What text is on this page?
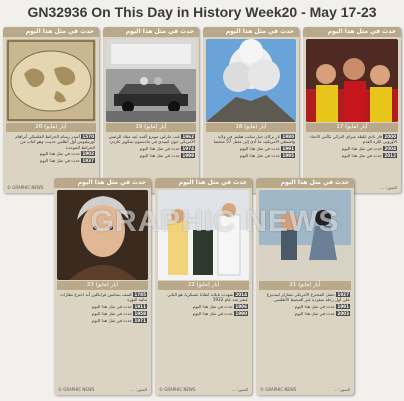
GN32936 On This Day in History Week20 - May 17-23
حدث في مثل هذا اليوم
20 أيار (مايو)

1570 أصدر رسام الخرائط الفلمنكي أبراهام أورتيليوس أول أطلس حديث، وهو كتاب من الخرائط الموحدة

1902 حدث في مثل هذا اليوم

1937 حدث في مثل هذا اليوم

© GRAPHIC NEWS
حدث في مثل هذا اليوم
19 أيار (مايو)

1962 غنت مارلين مونرو أغنية عيد ميلاد للرئيس الأمريكي جون كينيدي في ماديسون سكوير غاردن

1974 حدث في مثل هذا اليوم

1999 حدث في مثل هذا اليوم

حدث في مثل هذا اليوم
18 أيار (مايو)

1980 ثار بركان جبل سانت هيلينز في ولاية واشنطن الأمريكية، ما أدى إلى مقتل 57 شخصا

1991 حدث في مثل هذا اليوم

1995 حدث في مثل هذا اليوم

حدث في مثل هذا اليوم
17 أيار (مايو)

2000 فاز نادي غلطة سراي التركي بكأس الاتحاد الأوروبي لكرة القدم

2004 حدث في مثل هذا اليوم

2012 حدث في مثل هذا اليوم

الصور: ...
حدث في مثل هذا اليوم
23 أيار (مايو)

1785 كشف بنجامين فرانكلين أنه اخترع نظارات ثنائية البؤرة

1911 حدث في مثل هذا اليوم

1958 حدث في مثل هذا اليوم

1971 حدث في مثل هذا اليوم

© GRAPHIC NEWS	الصور: ...
حدث في مثل هذا اليوم
22 أيار (مايو)

2014 شهدت تايلاند انقلابا عسكريا، هو الثاني عشر منذ عام 1932

1906 حدث في مثل هذا اليوم

1990 حدث في مثل هذا اليوم

© GRAPHIC NEWS	الصور: ...
حدث في مثل هذا اليوم
21 أيار (مايو)

1927 حصل المخترع الأمريكي تشارلز ليندبيرغ على أول رحلة منفردة عبر المحيط الأطلسي

1991 حدث في مثل هذا اليوم

2003 حدث في مثل هذا اليوم

© GRAPHIC NEWS	الصور: ...
GRAPHIC NEWS
